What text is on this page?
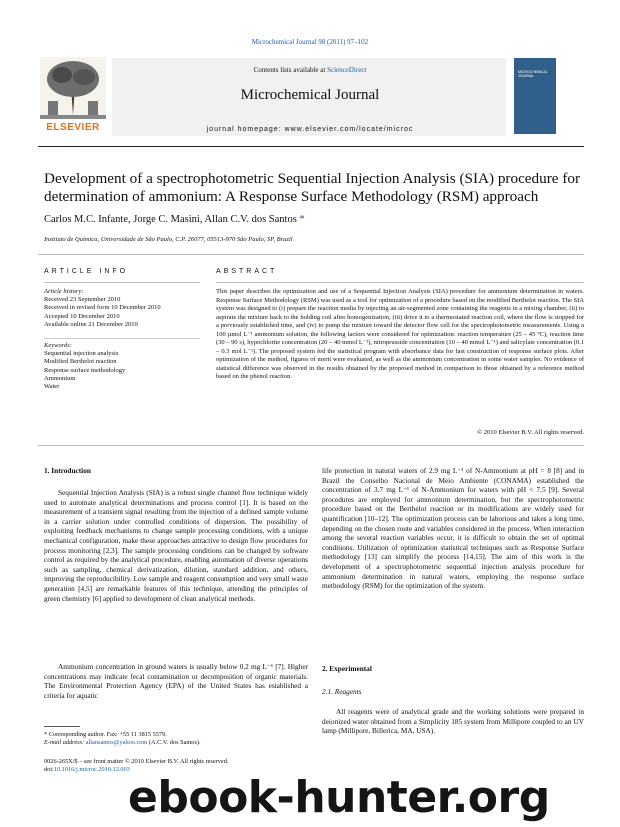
Microchemical Journal 98 (2011) 97–102
ELSEVIER
Contents lists available at ScienceDirect
Microchemical Journal
journal homepage: www.elsevier.com/locate/microc
MICROCHEMICAL JOURNAL
Development of a spectrophotometric Sequential Injection Analysis (SIA) procedure for determination of ammonium: A Response Surface Methodology (RSM) approach
Carlos M.C. Infante, Jorge C. Masini, Allan C.V. dos Santos *
Instituto de Química, Universidade de São Paulo, C.P. 26077, 05513-970 São Paulo, SP, Brazil
ARTICLE INFO	ABSTRACT
Article history:
Received 23 September 2010
Received in revised form 10 December 2010
Accepted 10 December 2010
Available online 21 December 2010
Keywords:
Sequential injection analysis
Modified Berthelot reaction
Response surface methodology
Ammonium
Water

This paper describes the optimization and use of a Sequential Injection Analysis (SIA) procedure for ammonium determination in waters. Response Surface Methodology (RSM) was used as a tool for optimization of a procedure based on the modified Berthelot reaction. The SIA system was designed to (i) prepare the reaction media by injecting an air-segmented zone containing the reagents in a mixing chamber, (ii) to aspirate the mixture back to the holding coil after homogenization, (iii) drive it to a thermostated reaction coil, where the flow is stopped for a previously established time, and (iv) to pump the mixture toward the detector flow cell for the spectrophotometric measurements. Using a 100 µmol L⁻¹ ammonium solution, the following factors were considered for optimization: reaction temperature (25 – 45 °C), reaction time (30 – 90 s), hypochlorite concentration (20 – 40 mmol L⁻¹), nitroprusside concentration (10 – 40 mmol L⁻¹) and salicylate concentration (0.1 – 0.3 mol L⁻¹). The proposed system fed the statistical program with absorbance data for fast construction of response surface plots. After optimization of the method, figures of merit were evaluated, as well as the ammonium concentration in some water samples. No evidence of statistical difference was observed in the results obtained by the proposed method in comparison to those obtained by a reference method based on the phenol reaction.

© 2010 Elsevier B.V. All rights reserved.
1. Introduction

Sequential Injection Analysis (SIA) is a robust single channel flow technique widely used to automate analytical determinations and process control [1]. It is based on the measurement of a transient signal resulting from the injection of a defined sample volume in a carrier solution under controlled conditions of dispersion. The possibility of exploiting feedback mechanisms to change sample processing conditions, with a unique mechanical configuration, make these approaches attractive to design flow procedures for process monitoring [2,3]. The sample processing conditions can be changed by software control as required by the analytical procedure, enabling automation of diverse operations such as sampling, chemical derivatization, dilution, standard addition, and others, improving the reproducibility. Low sample and reagent consumption and very small waste generation [4,5] are remarkable features of this technique, attending the principles of green chemistry [6] applied to development of clean analytical methods.

Ammonium concentration in ground waters is usually below 0.2 mg L⁻¹ [7]. Higher concentrations may indicate fecal contamination or decomposition of organic materials. The Environmental Protection Agency (EPA) of the United States has established a criteria for aquatic

life protection in natural waters of 2.9 mg L⁻¹ of N-Ammonium at pH = 8 [8] and in Brazil the Conselho Nacional de Meio Ambiente (CONAMA) established the concentration of 3.7 mg L⁻¹ of N-Ammonium for waters with pH < 7.5 [9]. Several procedures are employed for ammonium determination, but the spectrophotometric procedure based on the Berthelot reaction or its modifications are widely used for quantification [10–12]. The optimization process can be laborious and takes a long time, depending on the chosen route and variables considered in the process. When interaction among the several reaction variables occur, it is difficult to obtain the set of optimal conditions. Utilization of optimization statistical techniques such as Response Surface methodology [13] can simplify the process [14,15]. The aim of this work is the development of a spectrophotometric sequential injection analysis procedure for ammonium determination in natural waters, employing the response surface methodology (RSM) for the optimization of the system.

2. Experimental
2.1. Reagents

All reagents were of analytical grade and the working solutions were prepared in deionized water obtained from a Simplicity 185 system from Millipore coupled to an UV lamp (Millipore, Billerica, MA, USA).

* Corresponding author. Fax: +55 11 3815 5579.
E-mail address: allansantos@yahoo.com (A.C.V. dos Santos).
0026-265X/$ – see front matter © 2010 Elsevier B.V. All rights reserved.
doi:10.1016/j.microc.2010.12.003
ebook-hunter.org
